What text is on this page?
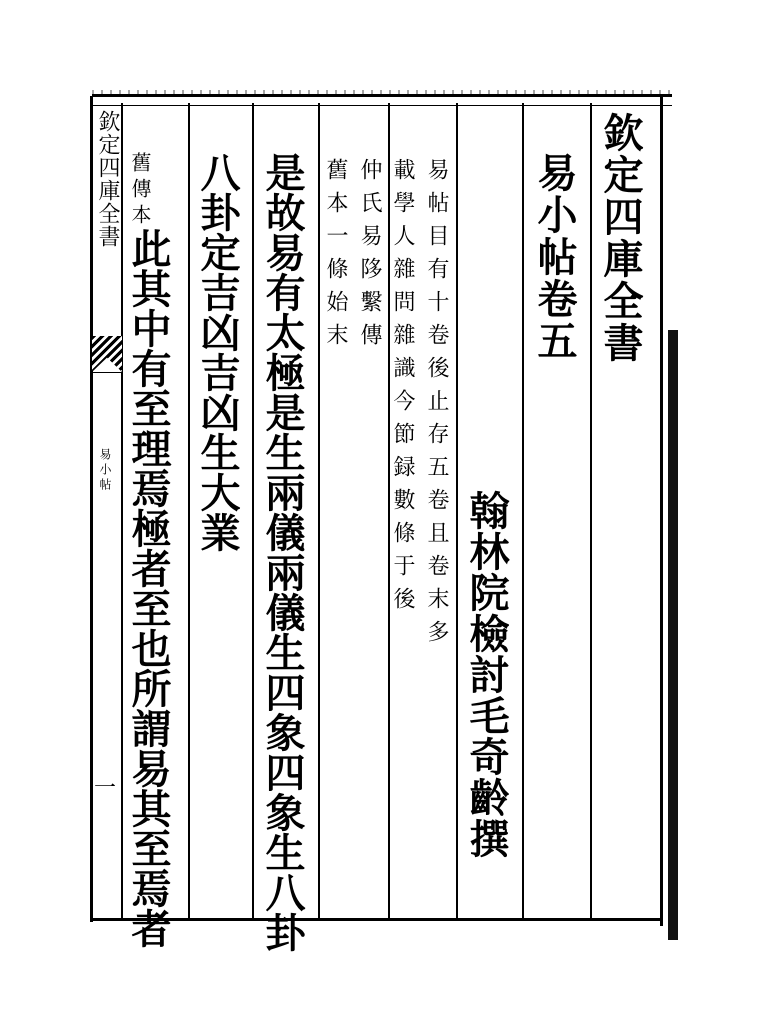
欽定四庫全書
易小帖
一
欽定四庫全書
易小帖卷五
翰林院檢討毛奇齡撰
易帖目有十卷後止存五卷且卷末多
載學人雜問雜識今節録數條于後
仲氏易陊繫傳
舊本一條始末
是故易有太極是生兩儀兩儀生四象四象生八卦
八卦定吉凶吉凶生大業
舊傳本
此其中有至理焉極者至也所謂易其至焉者
